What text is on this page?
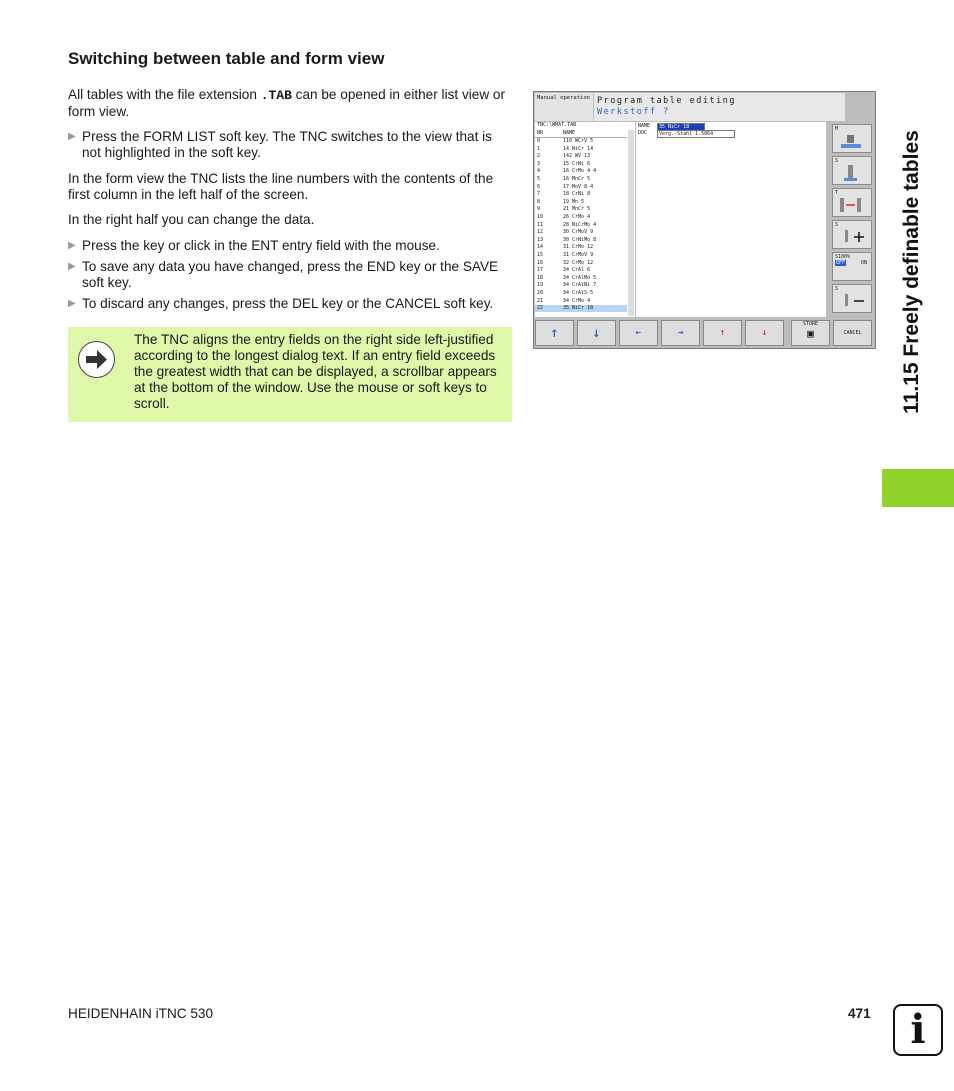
Switching between table and form view

All tables with the file extension .TAB can be opened in either list view or form view.

▶ Press the FORM LIST soft key. The TNC switches to the view that is not highlighted in the soft key.

In the form view the TNC lists the line numbers with the contents of the first column in the left half of the screen.

In the right half you can change the data.

▶ Press the key or click in the ENT entry field with the mouse.
▶ To save any data you have changed, press the END key or the SAVE soft key.
▶ To discard any changes, press the DEL key or the CANCEL soft key.

The TNC aligns the entry fields on the right side left-justified according to the longest dialog text. If an entry field exceeds the greatest width that can be displayed, a scrollbar appears at the bottom of the window. Use the mouse or soft keys to scroll.

Manual operation Program table editing
Werkstoff ?
TNC:\WMAT.TAB
NR	NAME
0	110 WCrV 5
1	14 NiCr 14
2	142 WV 13
3	15 CrNi 6
4	16 CrMo 4 4
5	16 MnCr 5
6	17 MoV 8 4
7	18 CrNi 8
8	19 Mn 5
9	21 MnCr 5
10	26 CrMo 4
11	28 NiCrMo 4
12	30 CrMoV 9
13	30 CrNiMo 8
14	31 CrMo 12
15	31 CrMoV 9
16	32 CrMo 12
17	34 CrAl 6
18	34 CrAlMo 5
19	34 CrAlNi 7
20	34 CrAlS 5
21	34 CrMo 4
22	35 NiCr 18
NAME	35 NiCr 18
DOC	Verg.-Stahl 1.5864
M
S
T
S
S100%
OFF	ON
S
↑	↓	⇤	⇥	↑	↓
STORE
▣	CANCEL	11.15 Freely definable tables
HEIDENHAIN iTNC 530	471 i
